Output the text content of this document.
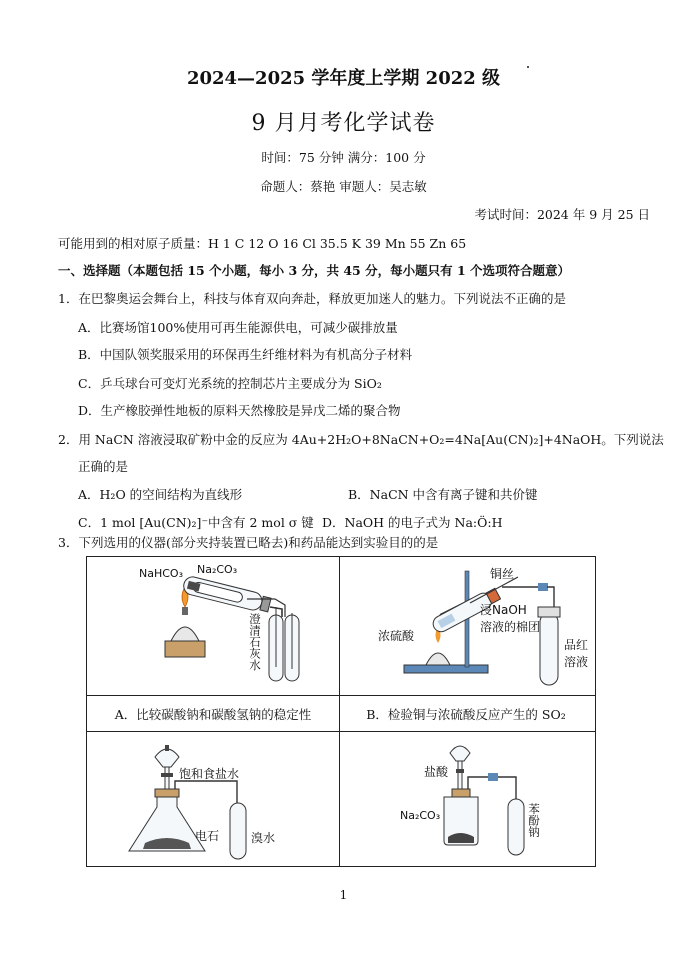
2024—2025 学年度上学期 2022 级
9 月月考化学试卷
时间：75 分钟 满分：100 分
命题人：蔡艳 审题人：吴志敏
考试时间：2024 年 9 月 25 日
可能用到的相对原子质量：H 1 C 12 O 16 Cl 35.5 K 39 Mn 55 Zn 65
一、选择题（本题包括 15 个小题，每小 3 分，共 45 分，每小题只有 1 个选项符合题意）
1．在巴黎奥运会舞台上，科技与体育双向奔赴，释放更加迷人的魅力。下列说法不正确的是
A．比赛场馆100%使用可再生能源供电，可减少碳排放量
B．中国队领奖服采用的环保再生纤维材料为有机高分子材料
C．乒乓球台可变灯光系统的控制芯片主要成分为 SiO₂
D．生产橡胶弹性地板的原料天然橡胶是异戊二烯的聚合物
2．用 NaCN 溶液浸取矿粉中金的反应为 4Au+2H₂O+8NaCN+O₂=4Na[Au(CN)₂]+4NaOH。下列说法
正确的是
A．H₂O 的空间结构为直线形	B．NaCN 中含有离子键和共价键
C．1 mol [Au(CN)₂]⁻中含有 2 mol σ 键 D．NaOH 的电子式为 Na:Ö:H
3．下列选用的仪器(部分夹持装置已略去)和药品能达到实验目的的是
NaHCO₃ Na₂CO₃
澄清石灰水
铜丝
浸NaOH
溶液的棉团
浓硫酸
品红溶液
A．比较碳酸钠和碳酸氢钠的稳定性	B．检验铜与浓硫酸反应产生的 SO₂
饱和食盐水
电石	溴水
盐酸
Na₂CO₃	苯酚钠
1
